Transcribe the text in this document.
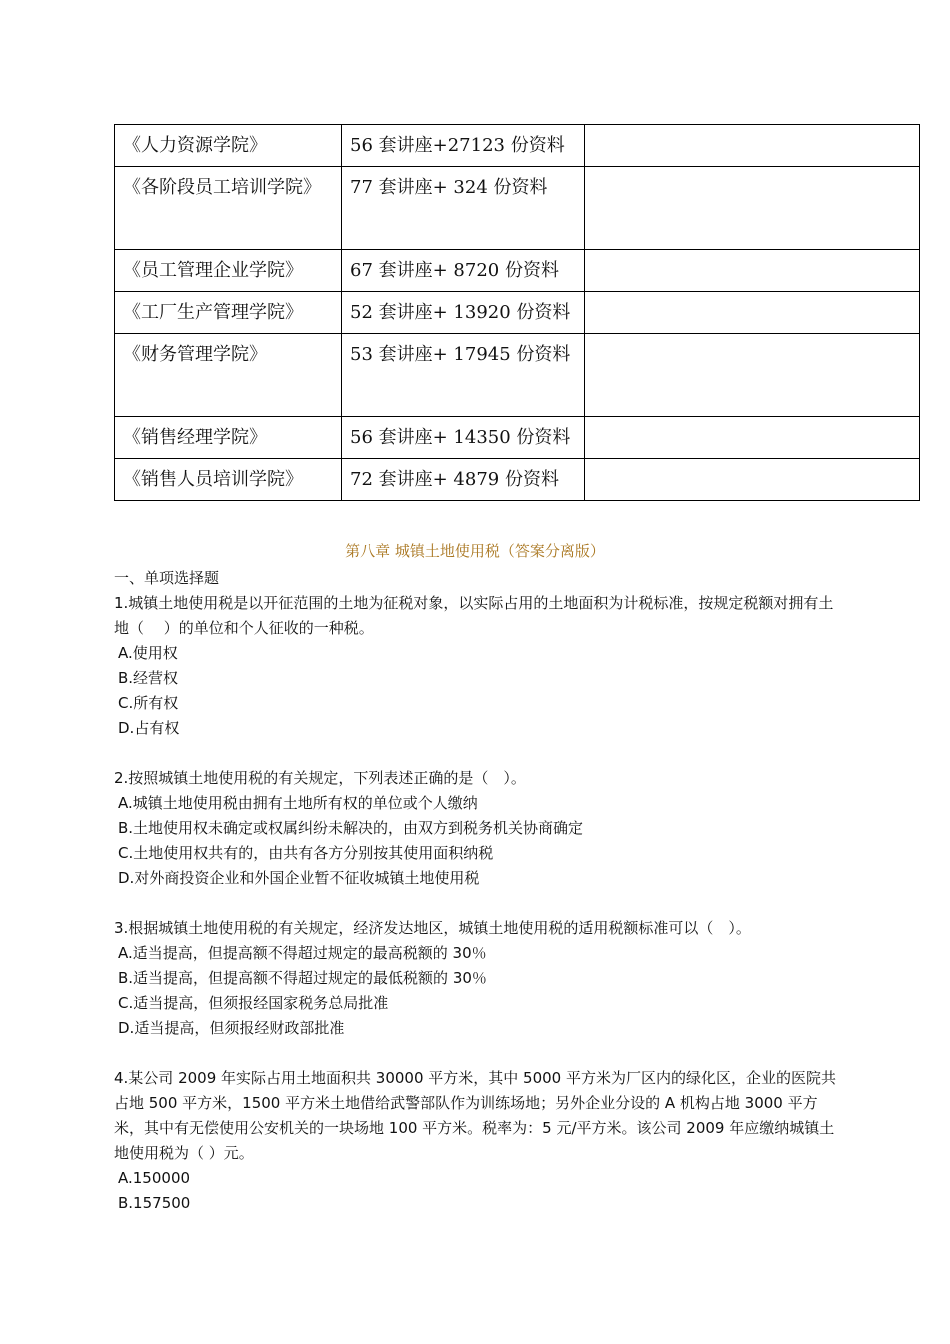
《人力资源学院》	56 套讲座+27123 份资料	
《各阶段员工培训学院》	77 套讲座+ 324 份资料	
《员工管理企业学院》	67 套讲座+ 8720 份资料	
《工厂生产管理学院》	52 套讲座+ 13920 份资料	
《财务管理学院》	53 套讲座+ 17945 份资料	
《销售经理学院》	56 套讲座+ 14350 份资料	
《销售人员培训学院》	72 套讲座+ 4879 份资料	
第八章 城镇土地使用税（答案分离版）

一、单项选择题

1.城镇土地使用税是以开征范围的土地为征税对象，以实际占用的土地面积为计税标准，按规定税额对拥有土地（　 ）的单位和个人征收的一种税。

A.使用权

B.经营权

C.所有权

D.占有权

2.按照城镇土地使用税的有关规定，下列表述正确的是（　）。

A.城镇土地使用税由拥有土地所有权的单位或个人缴纳

B.土地使用权未确定或权属纠纷未解决的，由双方到税务机关协商确定

C.土地使用权共有的，由共有各方分别按其使用面积纳税

D.对外商投资企业和外国企业暂不征收城镇土地使用税

3.根据城镇土地使用税的有关规定，经济发达地区，城镇土地使用税的适用税额标准可以（　）。

A.适当提高，但提高额不得超过规定的最高税额的 30％

B.适当提高，但提高额不得超过规定的最低税额的 30％

C.适当提高，但须报经国家税务总局批准

D.适当提高，但须报经财政部批准

4.某公司 2009 年实际占用土地面积共 30000 平方米，其中 5000 平方米为厂区内的绿化区，企业的医院共占地 500 平方米，1500 平方米土地借给武警部队作为训练场地；另外企业分设的 A 机构占地 3000 平方米，其中有无偿使用公安机关的一块场地 100 平方米。税率为：5 元/平方米。该公司 2009 年应缴纳城镇土地使用税为（ ）元。

A.150000

B.157500
